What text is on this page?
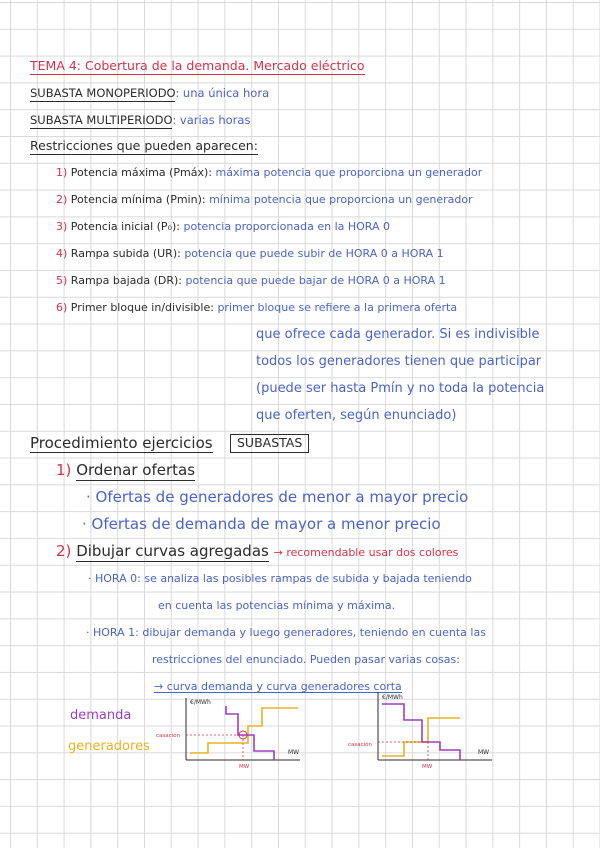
TEMA 4: Cobertura de la demanda. Mercado eléctrico
SUBASTA MONOPERIODO: una única hora
SUBASTA MULTIPERIODO: varias horas
Restricciones que pueden aparecen:
1) Potencia máxima (Pmáx): máxima potencia que proporciona un generador
2) Potencia mínima (Pmin): mínima potencia que proporciona un generador
3) Potencia inicial (P₀): potencia proporcionada en la HORA 0
4) Rampa subida (UR): potencia que puede subir de HORA 0 a HORA 1
5) Rampa bajada (DR): potencia que puede bajar de HORA 0 a HORA 1
6) Primer bloque in/divisible: primer bloque se refiere a la primera oferta
que ofrece cada generador. Si es indivisible
todos los generadores tienen que participar
(puede ser hasta Pmín y no toda la potencia
que oferten, según enunciado)
Procedimiento ejercicios	SUBASTAS
1) Ordenar ofertas
· Ofertas de generadores de menor a mayor precio
· Ofertas de demanda de mayor a menor precio
2) Dibujar curvas agregadas → recomendable usar dos colores
· HORA 0: se analiza las posibles rampas de subida y bajada teniendo
en cuenta las potencias mínima y máxima.
· HORA 1: dibujar demanda y luego generadores, teniendo en cuenta las
restricciones del enunciado. Pueden pasar varias cosas:
→ curva demanda y curva generadores corta
demanda
generadores
€/MWh
MW
casación
MW
€/MWh
MW
casación
MW
